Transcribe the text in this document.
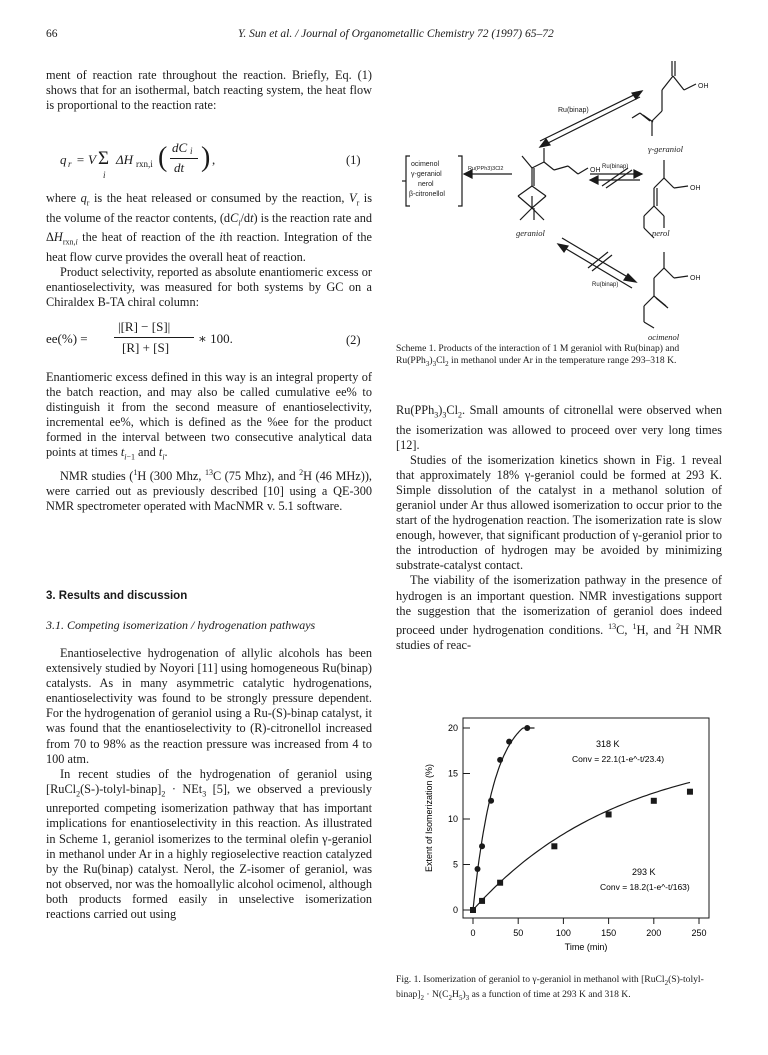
66	Y. Sun et al. / Journal of Organometallic Chemistry 72 (1997) 65–72

ment of reaction rate throughout the reaction. Briefly, Eq. (1) shows that for an isothermal, batch reacting system, the heat flow is proportional to the reaction rate:

q r = V Σ
i
ΔH rxn,i ( dC i
dt ) ,	(1)

where $q_r$ is the heat released or consumed by the reaction, $V_r$ is the volume of the reactor contents, $(dC_i/dt)$ is the reaction rate and $\Delta H_{rxn,i}$ the heat of reaction of the ith reaction. Integration of the heat flow curve provides the overall heat of reaction.

Product selectivity, reported as absolute enantiomeric excess or enantioselectivity, was measured for both systems by GC on a Chiraldex B-TA chiral column:

ee(%) =
|[R] − [S]|
[R] + [S]
∗ 100.	(2)

Enantiomeric excess defined in this way is an integral property of the batch reaction, and may also be called cumulative ee% to distinguish it from the second measure of enantioselectivity, incremental ee%, which is defined as the %ee for the product formed in the interval between two consecutive analytical data points at times $t_{i-1}$ and $t_i$.

NMR studies ($^1$H (300 Mhz, $^{13}$C (75 Mhz), and $^2$H (46 MHz)), were carried out as previously described [10] using a QE-300 NMR spectrometer operated with MacNMR v. 5.1 software.

3. Results and discussion
3.1. Competing isomerization / hydrogenation pathways

Enantioselective hydrogenation of allylic alcohols has been extensively studied by Noyori [11] using homogeneous Ru(binap) catalysts. As in many asymmetric catalytic hydrogenations, enantioselectivity was found to be strongly pressure dependent. For the hydrogenation of geraniol using a Ru-(S)-binap catalyst, it was found that the enantioselectivity to (R)-citronellol increased from 70 to 98% as the reaction pressure was increased from 4 to 100 atm.

In recent studies of the hydrogenation of geraniol using $[RuCl_2(S-)-tolyl-binap]_2 \cdot NEt_3$ [5], we observed a previously unreported competing isomerization pathway that has important implications for enantioselectivity in this reaction. As illustrated in Scheme 1, geraniol isomerizes to the terminal olefin γ-geraniol in methanol under Ar in a highly regioselective reaction catalyzed by the Ru(binap) catalyst. Nerol, the Z-isomer of geraniol, was not observed, nor was the homoallylic alcohol ocimenol, although both products formed easily in unselective isomerization reactions carried out using

ocimenol
γ-geraniol
nerol
β-citronellol
Ru(PPh3)3Cl2
Ru(binap)
Ru(binap)
Ru(binap)
OH
OH
OH
OH
γ-geraniol
geraniol	nerol
ocimenol
Scheme 1. Products of the interaction of 1 M geraniol with Ru(binap) and $Ru(PPh_3)_3Cl_2$ in methanol under Ar in the temperature range 293–318 K.

$Ru(PPh_3)_3Cl_2$. Small amounts of citronellal were observed when the isomerization was allowed to proceed over very long times [12].

Studies of the isomerization kinetics shown in Fig. 1 reveal that approximately 18% γ-geraniol could be formed at 293 K. Simple dissolution of the catalyst in a methanol solution of geraniol under Ar thus allowed isomerization to occur prior to the start of the hydrogenation reaction. The isomerization rate is slow enough, however, that significant production of γ-geraniol prior to the introduction of hydrogen may be avoided by minimizing substrate-catalyst contact.

The viability of the isomerization pathway in the presence of hydrogen is an important question. NMR investigations support the suggestion that the isomerization of geraniol does indeed proceed under hydrogenation conditions. $^{13}$C, $^1$H, and $^2$H NMR studies of reac-

0
5
10
15
20
0	50	100	150	200	250
Time (min)
Extent of Isomerization (%)
318 K
Conv = 22.1(1-e^-t/23.4)
293 K
Conv = 18.2(1-e^-t/163)
Fig. 1. Isomerization of geraniol to γ-geraniol in methanol with $[RuCl_2(S)-tolyl-binap]_2 \cdot N(C_2H_5)_3$ as a function of time at 293 K and 318 K.
